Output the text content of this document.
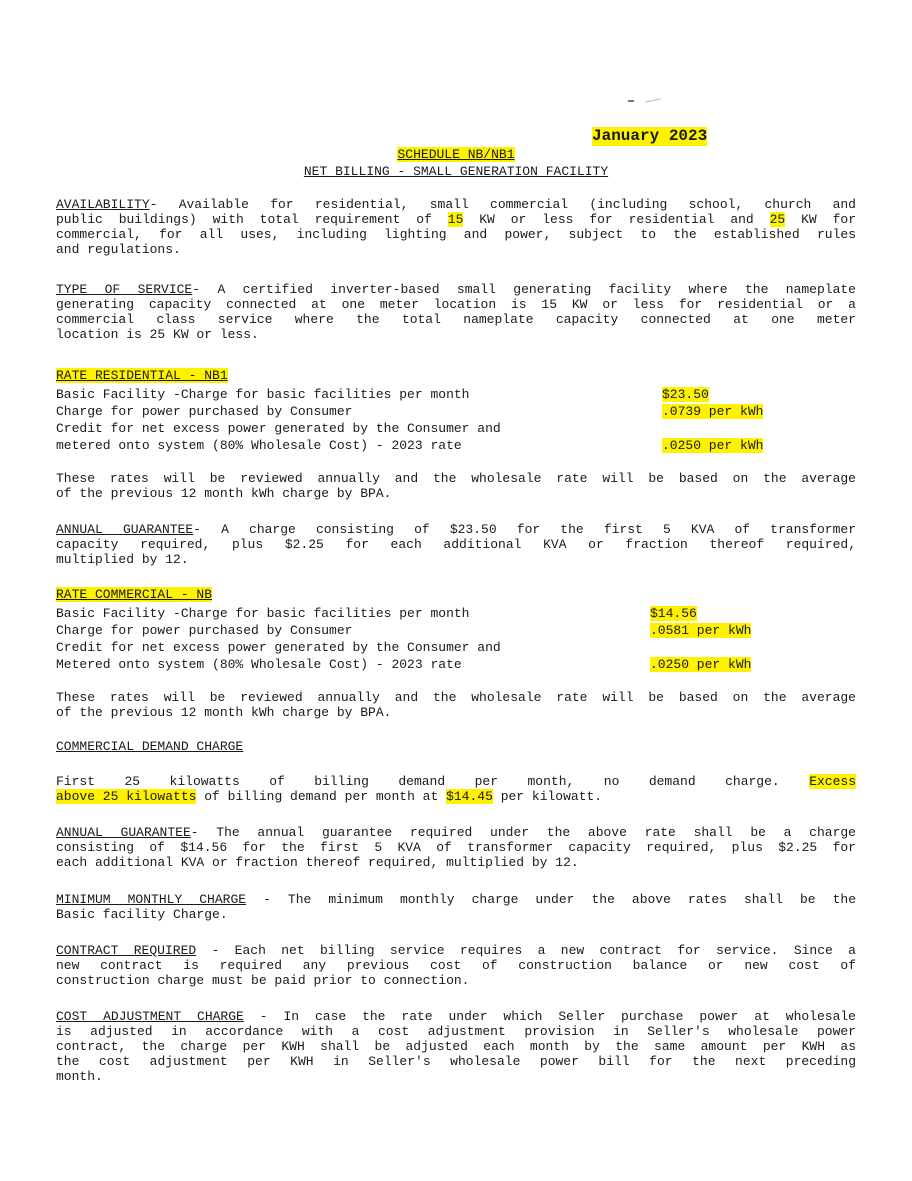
January 2023
SCHEDULE NB/NB1
NET BILLING - SMALL GENERATION FACILITY
AVAILABILITY- Available for residential, small commercial (including school, church and
public buildings) with total requirement of 15 KW or less for residential and 25 KW for
commercial, for all uses, including lighting and power, subject to the established rules
and regulations.
TYPE OF SERVICE- A certified inverter-based small generating facility where the nameplate
generating capacity connected at one meter location is 15 KW or less for residential or a
commercial class service where the total nameplate capacity connected at one meter
location is 25 KW or less.
RATE RESIDENTIAL - NB1
Basic Facility -Charge for basic facilities per month	$23.50
Charge for power purchased by Consumer	.0739 per kWh
Credit for net excess power generated by the Consumer and
metered onto system (80% Wholesale Cost) - 2023 rate	.0250 per kWh
These rates will be reviewed annually and the wholesale rate will be based on the average
of the previous 12 month kWh charge by BPA.
ANNUAL GUARANTEE- A charge consisting of $23.50 for the first 5 KVA of transformer
capacity required, plus $2.25 for each additional KVA or fraction thereof required,
multiplied by 12.
RATE COMMERCIAL - NB
Basic Facility -Charge for basic facilities per month	$14.56
Charge for power purchased by Consumer	.0581 per kWh
Credit for net excess power generated by the Consumer and
Metered onto system (80% Wholesale Cost) - 2023 rate	.0250 per kWh
These rates will be reviewed annually and the wholesale rate will be based on the average
of the previous 12 month kWh charge by BPA.
COMMERCIAL DEMAND CHARGE
First 25 kilowatts of billing demand per month, no demand charge. Excess
above 25 kilowatts of billing demand per month at $14.45 per kilowatt.
ANNUAL GUARANTEE- The annual guarantee required under the above rate shall be a charge
consisting of $14.56 for the first 5 KVA of transformer capacity required, plus $2.25 for
each additional KVA or fraction thereof required, multiplied by 12.
MINIMUM MONTHLY CHARGE - The minimum monthly charge under the above rates shall be the
Basic facility Charge.
CONTRACT REQUIRED - Each net billing service requires a new contract for service. Since a
new contract is required any previous cost of construction balance or new cost of
construction charge must be paid prior to connection.
COST ADJUSTMENT CHARGE - In case the rate under which Seller purchase power at wholesale
is adjusted in accordance with a cost adjustment provision in Seller's wholesale power
contract, the charge per KWH shall be adjusted each month by the same amount per KWH as
the cost adjustment per KWH in Seller's wholesale power bill for the next preceding
month.
